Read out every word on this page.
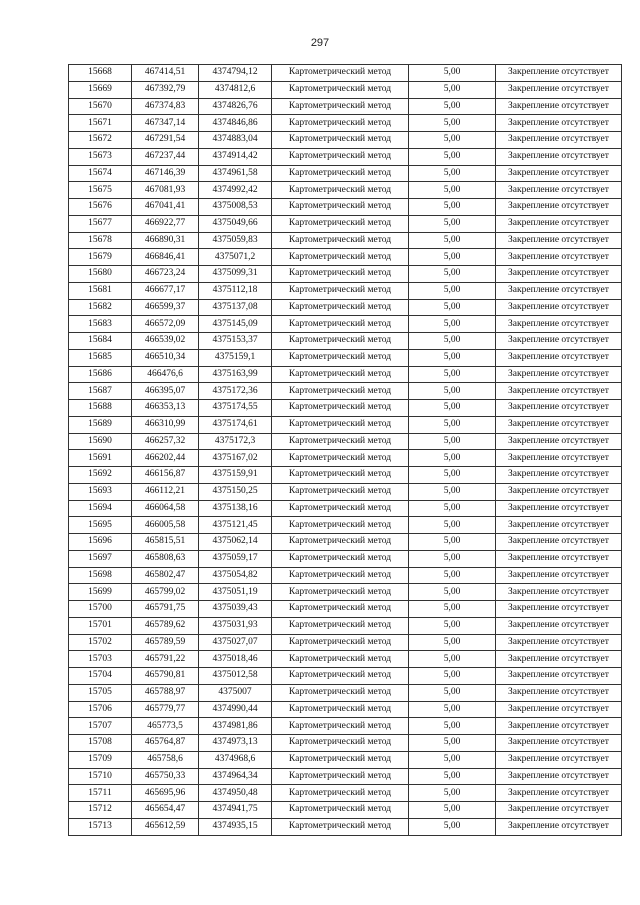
297
15668	467414,51	4374794,12	Картометрический метод	5,00	Закрепление отсутствует
15669	467392,79	4374812,6	Картометрический метод	5,00	Закрепление отсутствует
15670	467374,83	4374826,76	Картометрический метод	5,00	Закрепление отсутствует
15671	467347,14	4374846,86	Картометрический метод	5,00	Закрепление отсутствует
15672	467291,54	4374883,04	Картометрический метод	5,00	Закрепление отсутствует
15673	467237,44	4374914,42	Картометрический метод	5,00	Закрепление отсутствует
15674	467146,39	4374961,58	Картометрический метод	5,00	Закрепление отсутствует
15675	467081,93	4374992,42	Картометрический метод	5,00	Закрепление отсутствует
15676	467041,41	4375008,53	Картометрический метод	5,00	Закрепление отсутствует
15677	466922,77	4375049,66	Картометрический метод	5,00	Закрепление отсутствует
15678	466890,31	4375059,83	Картометрический метод	5,00	Закрепление отсутствует
15679	466846,41	4375071,2	Картометрический метод	5,00	Закрепление отсутствует
15680	466723,24	4375099,31	Картометрический метод	5,00	Закрепление отсутствует
15681	466677,17	4375112,18	Картометрический метод	5,00	Закрепление отсутствует
15682	466599,37	4375137,08	Картометрический метод	5,00	Закрепление отсутствует
15683	466572,09	4375145,09	Картометрический метод	5,00	Закрепление отсутствует
15684	466539,02	4375153,37	Картометрический метод	5,00	Закрепление отсутствует
15685	466510,34	4375159,1	Картометрический метод	5,00	Закрепление отсутствует
15686	466476,6	4375163,99	Картометрический метод	5,00	Закрепление отсутствует
15687	466395,07	4375172,36	Картометрический метод	5,00	Закрепление отсутствует
15688	466353,13	4375174,55	Картометрический метод	5,00	Закрепление отсутствует
15689	466310,99	4375174,61	Картометрический метод	5,00	Закрепление отсутствует
15690	466257,32	4375172,3	Картометрический метод	5,00	Закрепление отсутствует
15691	466202,44	4375167,02	Картометрический метод	5,00	Закрепление отсутствует
15692	466156,87	4375159,91	Картометрический метод	5,00	Закрепление отсутствует
15693	466112,21	4375150,25	Картометрический метод	5,00	Закрепление отсутствует
15694	466064,58	4375138,16	Картометрический метод	5,00	Закрепление отсутствует
15695	466005,58	4375121,45	Картометрический метод	5,00	Закрепление отсутствует
15696	465815,51	4375062,14	Картометрический метод	5,00	Закрепление отсутствует
15697	465808,63	4375059,17	Картометрический метод	5,00	Закрепление отсутствует
15698	465802,47	4375054,82	Картометрический метод	5,00	Закрепление отсутствует
15699	465799,02	4375051,19	Картометрический метод	5,00	Закрепление отсутствует
15700	465791,75	4375039,43	Картометрический метод	5,00	Закрепление отсутствует
15701	465789,62	4375031,93	Картометрический метод	5,00	Закрепление отсутствует
15702	465789,59	4375027,07	Картометрический метод	5,00	Закрепление отсутствует
15703	465791,22	4375018,46	Картометрический метод	5,00	Закрепление отсутствует
15704	465790,81	4375012,58	Картометрический метод	5,00	Закрепление отсутствует
15705	465788,97	4375007	Картометрический метод	5,00	Закрепление отсутствует
15706	465779,77	4374990,44	Картометрический метод	5,00	Закрепление отсутствует
15707	465773,5	4374981,86	Картометрический метод	5,00	Закрепление отсутствует
15708	465764,87	4374973,13	Картометрический метод	5,00	Закрепление отсутствует
15709	465758,6	4374968,6	Картометрический метод	5,00	Закрепление отсутствует
15710	465750,33	4374964,34	Картометрический метод	5,00	Закрепление отсутствует
15711	465695,96	4374950,48	Картометрический метод	5,00	Закрепление отсутствует
15712	465654,47	4374941,75	Картометрический метод	5,00	Закрепление отсутствует
15713	465612,59	4374935,15	Картометрический метод	5,00	Закрепление отсутствует
